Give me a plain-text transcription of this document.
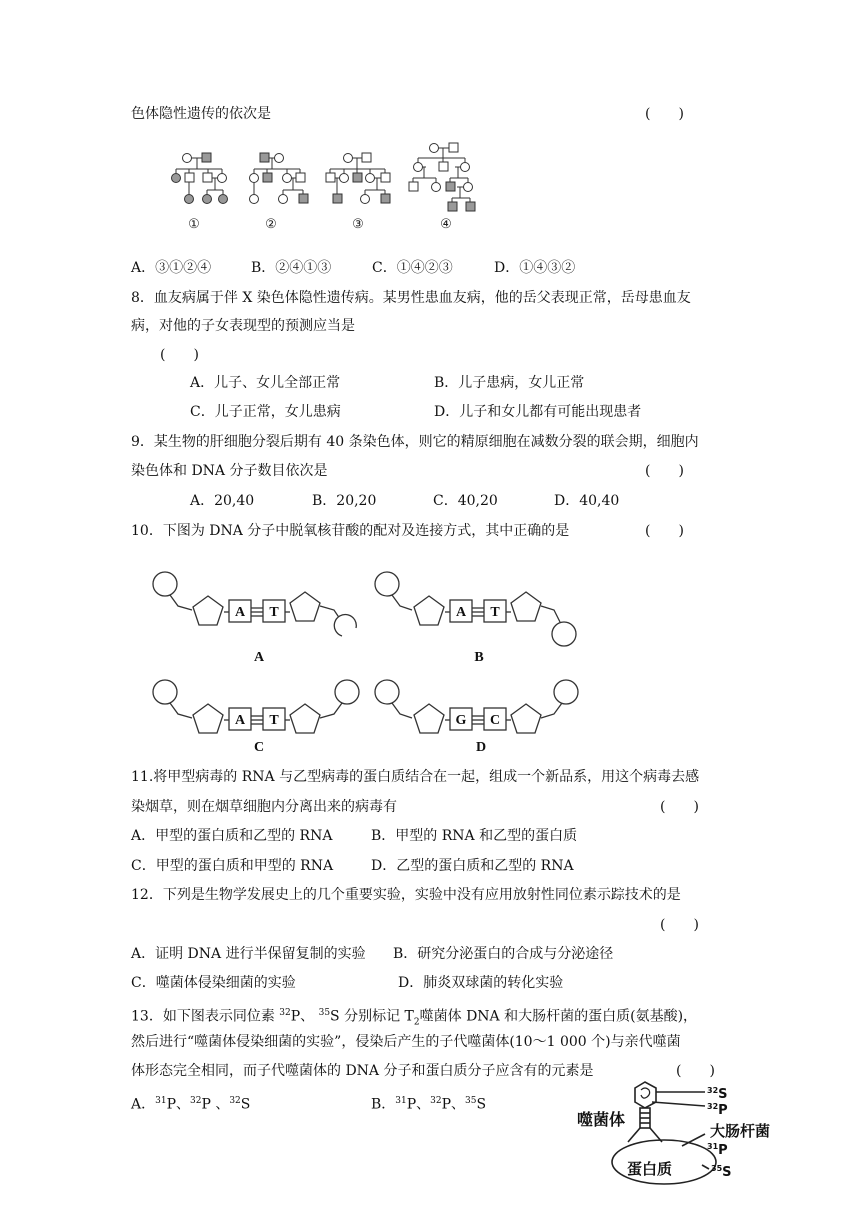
色体隐性遗传的依次是	(　　)
①	②	③	④
A．③①②④	B．②④①③	C．①④②③	D．①④③②
8．血友病属于伴 X 染色体隐性遗传病。某男性患血友病，他的岳父表现正常，岳母患血友
病，对他的子女表现型的预测应当是
(　　)
A．儿子、女儿全部正常	B．儿子患病，女儿正常
C．儿子正常，女儿患病	D．儿子和女儿都有可能出现患者
9．某生物的肝细胞分裂后期有 40 条染色体，则它的精原细胞在减数分裂的联会期，细胞内
染色体和 DNA 分子数目依次是	(　　)
A．20,40	B．20,20	C．40,20	D．40,40
10．下图为 DNA 分子中脱氧核苷酸的配对及连接方式，其中正确的是	(　　)
A T	A T
A T	G C
A	B
C	D
11.将甲型病毒的 RNA 与乙型病毒的蛋白质结合在一起，组成一个新品系，用这个病毒去感
染烟草，则在烟草细胞内分离出来的病毒有	(　　)
A．甲型的蛋白质和乙型的 RNA	B．甲型的 RNA 和乙型的蛋白质
C．甲型的蛋白质和甲型的 RNA	D．乙型的蛋白质和乙型的 RNA
12．下列是生物学发展史上的几个重要实验，实验中没有应用放射性同位素示踪技术的是
(　　)
A．证明 DNA 进行半保留复制的实验 B．研究分泌蛋白的合成与分泌途径
C．噬菌体侵染细菌的实验	D．肺炎双球菌的转化实验
13．如下图表示同位素 $^{32}$P、 $^{35}$S 分别标记 $T_2$噬菌体 DNA 和大肠杆菌的蛋白质(氨基酸)，
然后进行“噬菌体侵染细菌的实验”，侵染后产生的子代噬菌体(10～1 000 个)与亲代噬菌
体形态完全相同，而子代噬菌体的 DNA 分子和蛋白质分子应含有的元素是	(　　)
A．$^{31}$P、$^{32}$P 、$^{32}$S	B．$^{31}$P、$^{32}$P、$^{35}$S
噬菌体
大肠杆菌
蛋白质
$^{32}$S
$^{32}$P
$^{31}$P
$^{35}$S
